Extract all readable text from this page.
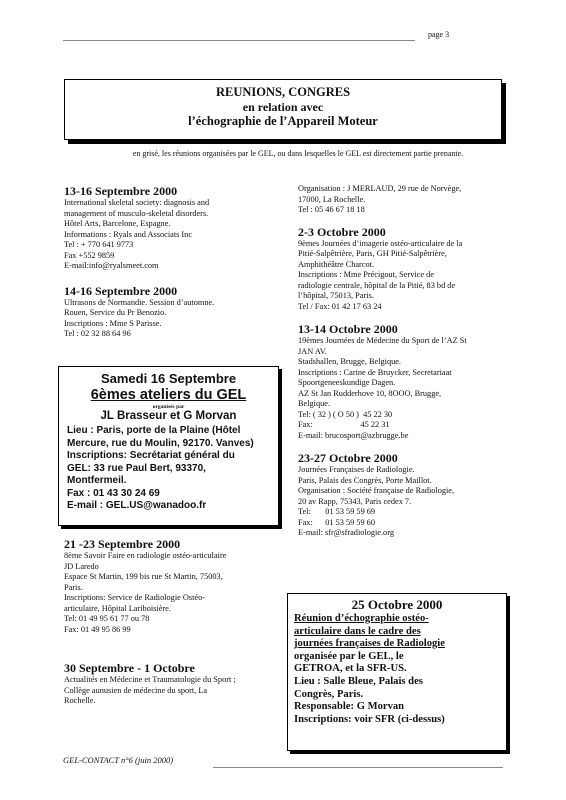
page 3
REUNIONS, CONGRES
en relation avec
l’échographie de l’Appareil Moteur
en grisé, les réunions organisées par le GEL, ou dans lesquelles le GEL est directement partie prenante.
13-16 Septembre 2000
International skeletal society: diagnosis and
management of musculo-skeletal disorders.
Hôtel Arts, Barcelone, Espagne.
Informations : Ryals and Associats Inc
Tel : + 770 641 9773
Fax +552 9859
E-mail:info@ryalsmeet.com
14-16 Septembre 2000
Ultrasons de Normandie. Session d’automne.
Rouen, Service du Pr Benozio.
Inscriptions : Mme S Parisse.
Tel : 02 32 88 64 96
Samedi 16 Septembre
6èmes ateliers du GEL
organisés par
JL Brasseur et G Morvan
Lieu : Paris, porte de la Plaine (Hôtel
Mercure, rue du Moulin, 92170. Vanves)
Inscriptions: Secrétariat général du
GEL: 33 rue Paul Bert, 93370,
Montfermeil.
Fax : 01 43 30 24 69
E-mail : GEL.US@wanadoo.fr
21 -23 Septembre 2000
8ème Savoir Faire en radiologie ostéo-articulaire
JD Laredo
Espace St Martin, 199 bis rue St Martin, 75003,
Paris.
Inscriptions: Service de Radiologie Ostéo-
articulaire, Hôpital Lariboisière.
Tel: 01 49 95 61 77 ou 78
Fax: 01 49 95 86 99
30 Septembre - 1 Octobre
Actualités en Médecine et Traumatologie du Sport ;
Collège aunusien de médecine du sport, La
Rochelle.
Organisation : J MERLAUD, 29 rue de Norvège,
17000, La Rochelle.
Tel : 05 46 67 18 18
2-3 Octobre 2000
9èmes Journées d’imagerie ostéo-articulaire de la
Pitié-Salpêtrière, Paris, GH Pitié-Salpêtrière,
Amphithéâtre Charcot.
Inscriptions : Mme Précigout, Service de
radiologie centrale, hôpital de la Pitié, 83 bd de
l’hôpital, 75013, Paris.
Tel / Fax: 01 42 17 63 24
13-14 Octobre 2000
19èmes Journées de Médecine du Sport de l’AZ St
JAN AV.
Stadshallen, Brugge, Belgique.
Inscriptions : Carine de Bruycker, Secretariaat
Spoortgeneeskundige Dagen.
AZ St Jan Rudderhove 10, 8OOO, Brugge,
Belgique.
Tel: ( 32 ) ( O 50 )  45 22 30
Fax:                       45 22 31
E-mail: brucosport@azbrugge.be
23-27 Octobre 2000
Journées Françaises de Radiologie.
Paris, Palais des Congrès, Porte Maillot.
Organisation : Société française de Radiologie,
20 av Rapp, 75343, Paris cedex 7.
Tel:       01 53 59 59 69
Fax:      01 53 59 59 60
E-mail: sfr@sfradiologie.org
25 Octobre 2000
Réunion d’échographie ostéo-
articulaire dans le cadre des
journées françaises de Radiologie
organisée par le GEL, le
GETROA, et la SFR-US.
Lieu : Salle Bleue, Palais des
Congrès, Paris.
Responsable: G Morvan
Inscriptions: voir SFR (ci-dessus)
GEL-CONTACT n°6 (juin 2000)
